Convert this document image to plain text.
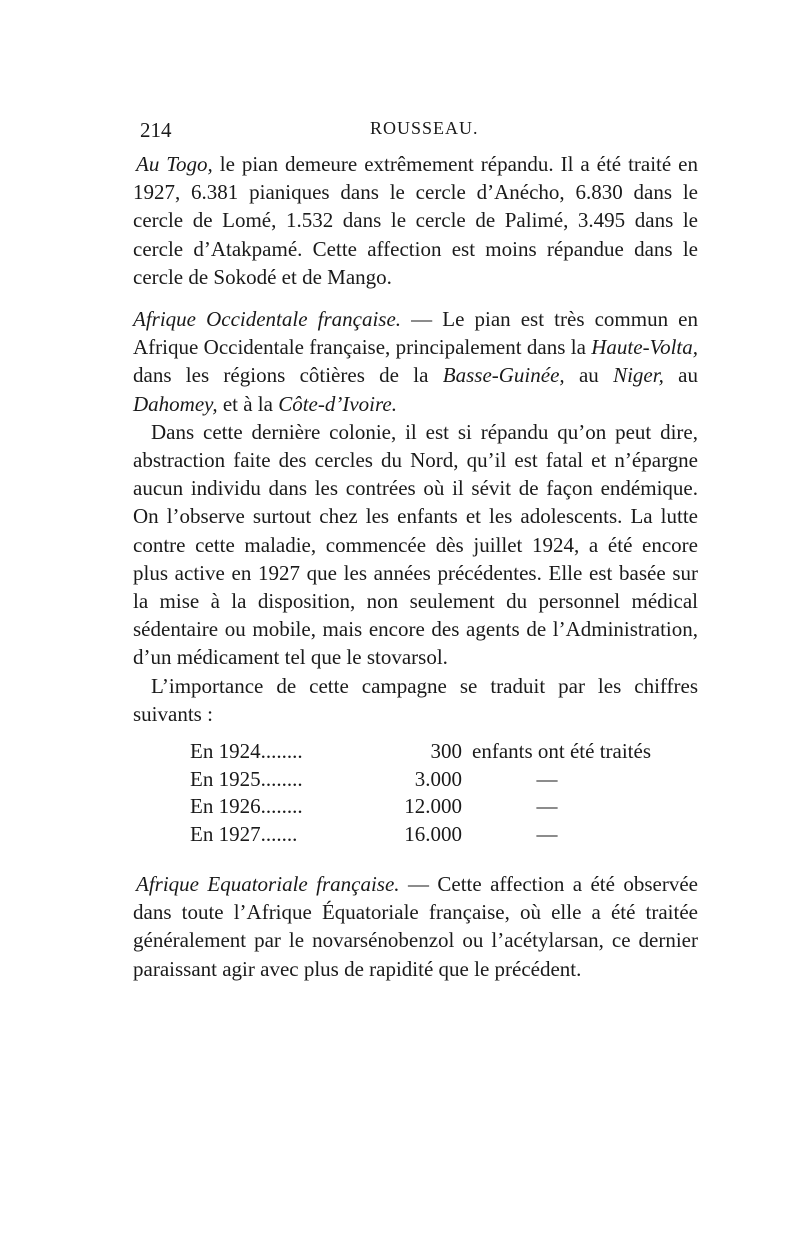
214	ROUSSEAU.

Au Togo, le pian demeure extrêmement répandu. Il a été traité en 1927, 6.381 pianiques dans le cercle d’Anécho, 6.830 dans le cercle de Lomé, 1.532 dans le cercle de Palimé, 3.495 dans le cercle d’Atakpamé. Cette affection est moins répandue dans le cercle de Sokodé et de Mango.

Afrique Occidentale française. — Le pian est très commun en Afrique Occidentale française, principalement dans la Haute-Volta, dans les régions côtières de la Basse-Guinée, au Niger, au Dahomey, et à la Côte-d’Ivoire.

Dans cette dernière colonie, il est si répandu qu’on peut dire, abstraction faite des cercles du Nord, qu’il est fatal et n’épargne aucun individu dans les contrées où il sévit de façon endémique. On l’observe surtout chez les enfants et les adolescents. La lutte contre cette maladie, commencée dès juillet 1924, a été encore plus active en 1927 que les années précédentes. Elle est basée sur la mise à la disposition, non seulement du personnel médical sédentaire ou mobile, mais encore des agents de l’Administration, d’un médicament tel que le stovarsol.

L’importance de cette campagne se traduit par les chiffres suivants :

En 1924........	300 enfants ont été traités
En 1925........	3.000	—
En 1926........	12.000	—
En 1927.......	16.000	—

Afrique Equatoriale française. — Cette affection a été observée dans toute l’Afrique Équatoriale française, où elle a été traitée généralement par le novarsénobenzol ou l’acétylarsan, ce dernier paraissant agir avec plus de rapidité que le précédent.
